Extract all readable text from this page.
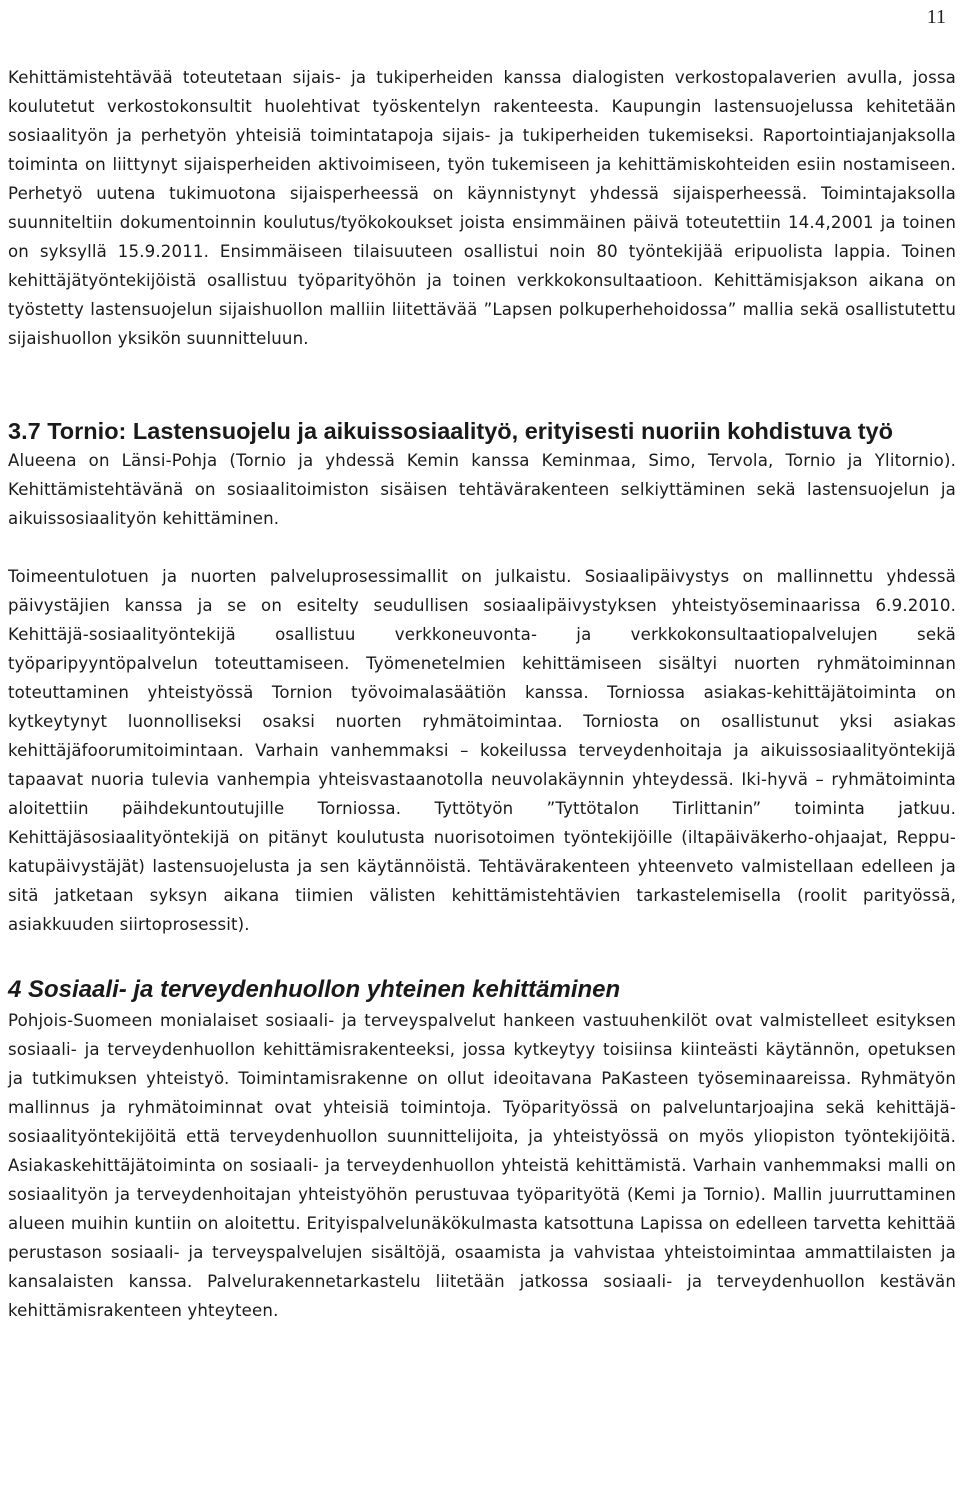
11

Kehittämistehtävää toteutetaan sijais- ja tukiperheiden kanssa dialogisten verkostopalaverien avulla, jossa koulutetut verkostokonsultit huolehtivat työskentelyn rakenteesta. Kaupungin lastensuojelussa kehitetään sosiaalityön ja perhetyön yhteisiä toimintatapoja sijais- ja tukiperheiden tukemiseksi. Raportointiajanjaksolla toiminta on liittynyt sijaisperheiden aktivoimiseen, työn tukemiseen ja kehittämiskohteiden esiin nostamiseen. Perhetyö uutena tukimuotona sijaisperheessä on käynnistynyt yhdessä sijaisperheessä. Toimintajaksolla suunniteltiin dokumentoinnin koulutus/työkokoukset joista ensimmäinen päivä toteutettiin 14.4,2001 ja toinen on syksyllä 15.9.2011. Ensimmäiseen tilaisuuteen osallistui noin 80 työntekijää eripuolista lappia. Toinen kehittäjätyöntekijöistä osallistuu työparityöhön ja toinen verkkokonsultaatioon. Kehittämisjakson aikana on työstetty lastensuojelun sijaishuollon malliin liitettävää ”Lapsen polkuperhehoidossa” mallia sekä osallistutettu sijaishuollon yksikön suunnitteluun.

3.7 Tornio: Lastensuojelu ja aikuissosiaalityö, erityisesti nuoriin kohdistuva työ

Alueena on Länsi-Pohja (Tornio ja yhdessä Kemin kanssa Keminmaa, Simo, Tervola, Tornio ja Ylitornio). Kehittämistehtävänä on sosiaalitoimiston sisäisen tehtävärakenteen selkiyttäminen sekä lastensuojelun ja aikuissosiaalityön kehittäminen.

Toimeentulotuen ja nuorten palveluprosessimallit on julkaistu. Sosiaalipäivystys on mallinnettu yhdessä päivystäjien kanssa ja se on esitelty seudullisen sosiaalipäivystyksen yhteistyöseminaarissa 6.9.2010. Kehittäjä-sosiaalityöntekijä osallistuu verkkoneuvonta- ja verkkokonsultaatiopalvelujen sekä työparipyyntöpalvelun toteuttamiseen. Työmenetelmien kehittämiseen sisältyi nuorten ryhmätoiminnan toteuttaminen yhteistyössä Tornion työvoimalasäätiön kanssa. Torniossa asiakas-kehittäjätoiminta on kytkeytynyt luonnolliseksi osaksi nuorten ryhmätoimintaa. Torniosta on osallistunut yksi asiakas kehittäjäfoorumitoimintaan. Varhain vanhemmaksi – kokeilussa terveydenhoitaja ja aikuissosiaalityöntekijä tapaavat nuoria tulevia vanhempia yhteisvastaanotolla neuvolakäynnin yhteydessä. Iki-hyvä – ryhmätoiminta aloitettiin päihdekuntoutujille Torniossa. Tyttötyön ”Tyttötalon Tirlittanin” toiminta jatkuu. Kehittäjäsosiaalityöntekijä on pitänyt koulutusta nuorisotoimen työntekijöille (iltapäiväkerho-ohjaajat, Reppu-katupäivystäjät) lastensuojelusta ja sen käytännöistä. Tehtävärakenteen yhteenveto valmistellaan edelleen ja sitä jatketaan syksyn aikana tiimien välisten kehittämistehtävien tarkastelemisella (roolit parityössä, asiakkuuden siirtoprosessit).

4 Sosiaali- ja terveydenhuollon yhteinen kehittäminen

Pohjois-Suomeen monialaiset sosiaali- ja terveyspalvelut hankeen vastuuhenkilöt ovat valmistelleet esityksen sosiaali- ja terveydenhuollon kehittämisrakenteeksi, jossa kytkeytyy toisiinsa kiinteästi käytännön, opetuksen ja tutkimuksen yhteistyö. Toimintamisrakenne on ollut ideoitavana PaKasteen työseminaareissa. Ryhmätyön mallinnus ja ryhmätoiminnat ovat yhteisiä toimintoja. Työparityössä on palveluntarjoajina sekä kehittäjä-sosiaalityöntekijöitä että terveydenhuollon suunnittelijoita, ja yhteistyössä on myös yliopiston työntekijöitä. Asiakaskehittäjätoiminta on sosiaali- ja terveydenhuollon yhteistä kehittämistä. Varhain vanhemmaksi malli on sosiaalityön ja terveydenhoitajan yhteistyöhön perustuvaa työparityötä (Kemi ja Tornio). Mallin juurruttaminen alueen muihin kuntiin on aloitettu. Erityispalvelunäkökulmasta katsottuna Lapissa on edelleen tarvetta kehittää perustason sosiaali- ja terveyspalvelujen sisältöjä, osaamista ja vahvistaa yhteistoimintaa ammattilaisten ja kansalaisten kanssa. Palvelurakennetarkastelu liitetään jatkossa sosiaali- ja terveydenhuollon kestävän kehittämisrakenteen yhteyteen.
